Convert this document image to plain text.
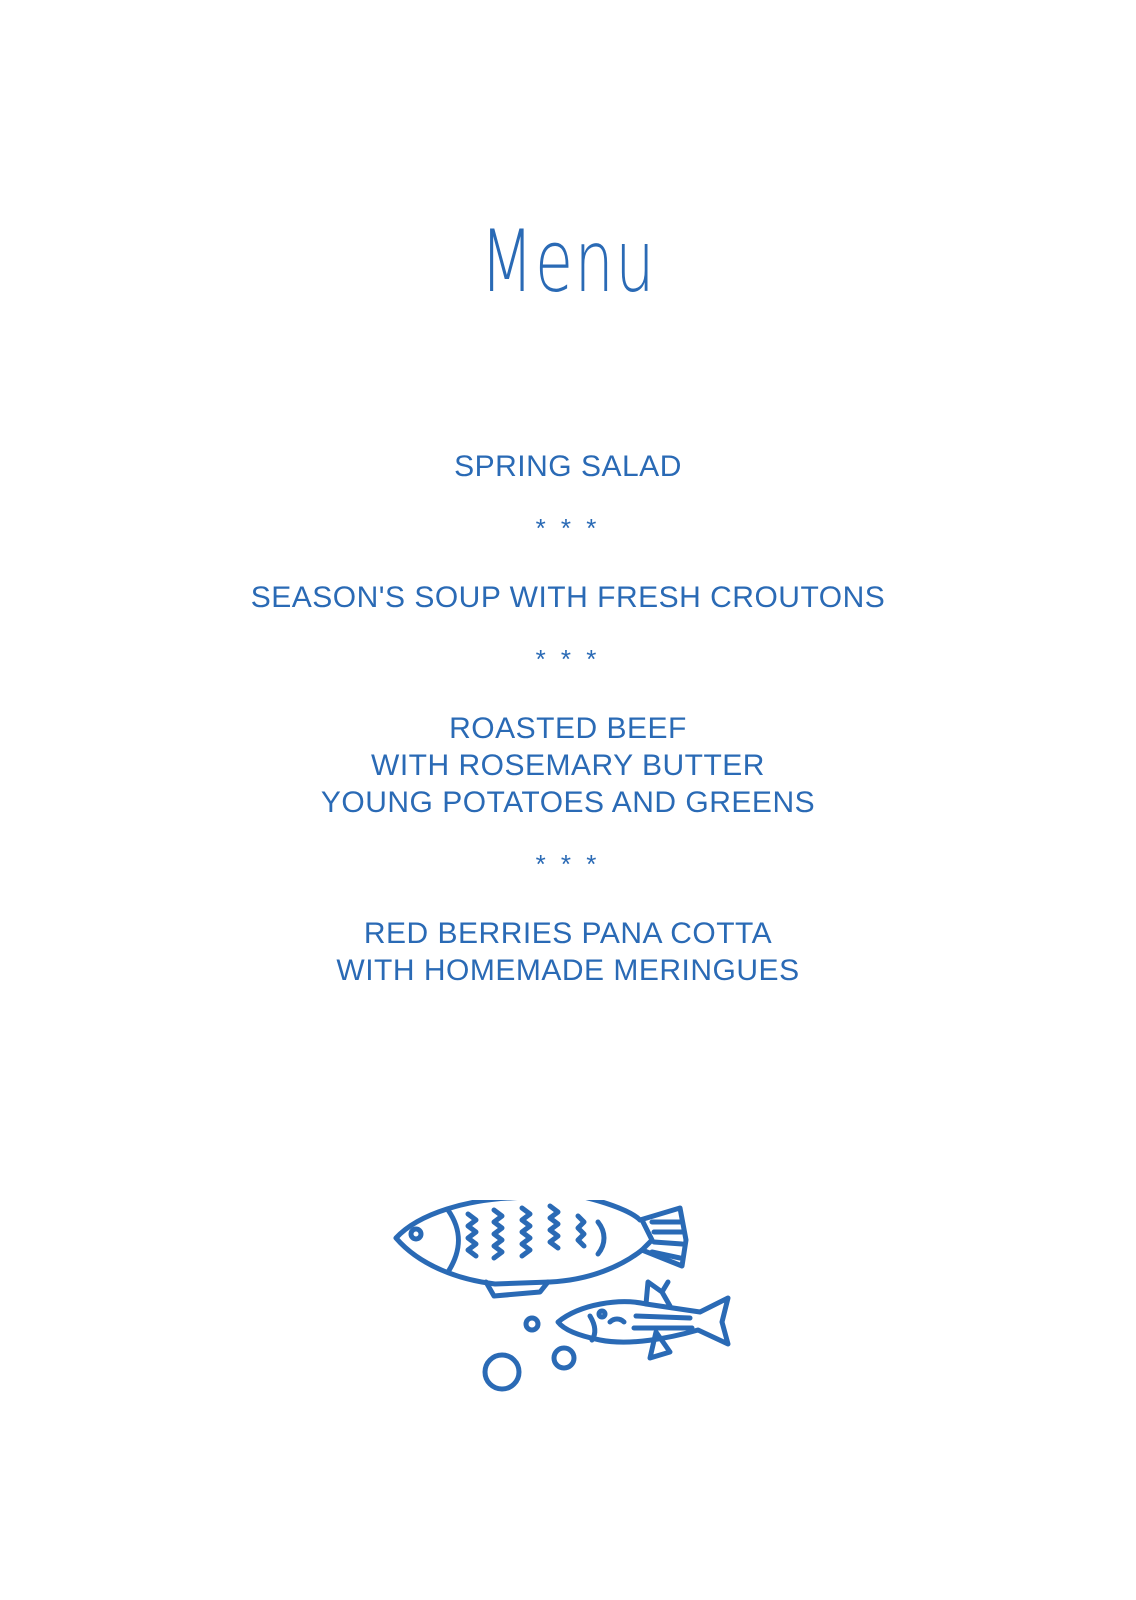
Menu
SPRING SALAD
* * *
SEASON'S SOUP WITH FRESH CROUTONS
* * *
ROASTED BEEF
WITH ROSEMARY BUTTER
YOUNG POTATOES AND GREENS
* * *
RED BERRIES PANA COTTA
WITH HOMEMADE MERINGUES
